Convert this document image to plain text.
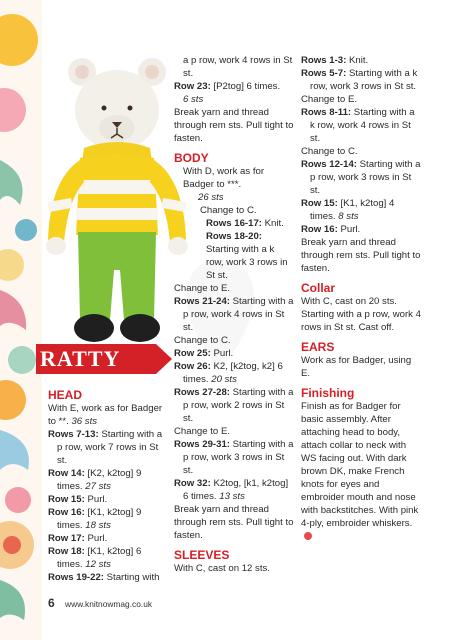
RATTY

HEAD

With E, work as for Badger to **. 36 sts

Rows 7-13: Starting with a p row, work 7 rows in St st.

Row 14: [K2, k2tog] 9 times. 27 sts

Row 15: Purl.

Row 16: [K1, k2tog] 9 times. 18 sts

Row 17: Purl.

Row 18: [K1, k2tog] 6 times. 12 sts

Rows 19-22: Starting with

a p row, work 4 rows in St st.

Row 23: [P2tog] 6 times.

6 sts

Break yarn and thread through rem sts. Pull tight to fasten.

BODY

With D, work as for Badger to ***.

26 sts

Change to C.

Rows 16-17: Knit.

Rows 18-20: Starting with a k row, work 3 rows in St st.

Change to E.

Rows 21-24: Starting with a p row, work 4 rows in St st.

Change to C.

Row 25: Purl.

Row 26: K2, [k2tog, k2] 6 times. 20 sts

Rows 27-28: Starting with a p row, work 2 rows in St st.

Change to E.

Rows 29-31: Starting with a p row, work 3 rows in St st.

Row 32: K2tog, [k1, k2tog] 6 times. 13 sts

Break yarn and thread through rem sts. Pull tight to fasten.

SLEEVES

With C, cast on 12 sts.

Rows 1-3: Knit.

Rows 5-7: Starting with a k row, work 3 rows in St st.

Change to E.

Rows 8-11: Starting with a k row, work 4 rows in St st.

Change to C.

Rows 12-14: Starting with a p row, work 3 rows in St st.

Row 15: [K1, k2tog] 4 times. 8 sts

Row 16: Purl.

Break yarn and thread through rem sts. Pull tight to fasten.

Collar

With C, cast on 20 sts. Starting with a p row, work 4 rows in St st. Cast off.

EARS

Work as for Badger, using E.

Finishing

Finish as for Badger for basic assembly. After attaching head to body, attach collar to neck with WS facing out. With dark brown DK, make French knots for eyes and embroider mouth and nose with backstitches. With pink 4-ply, embroider whiskers.

6 www.knitnowmag.co.uk
